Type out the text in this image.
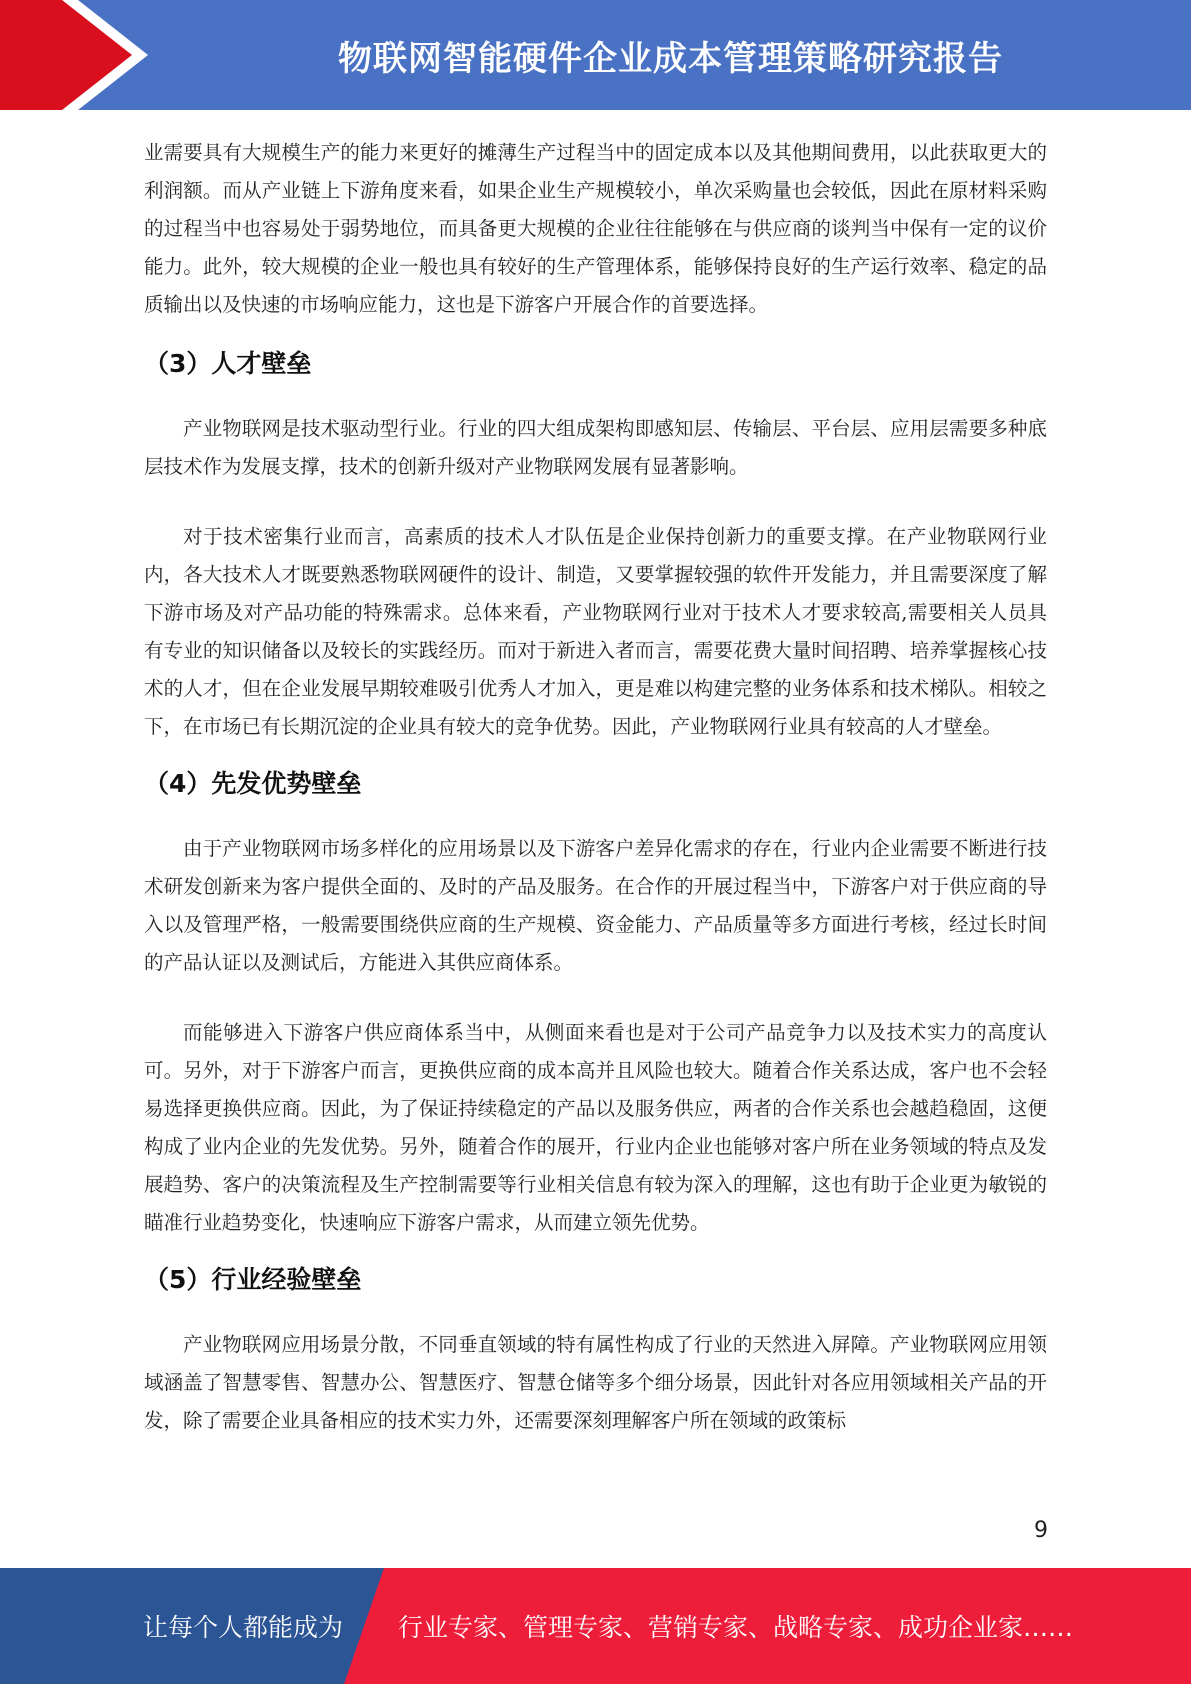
物联网智能硬件企业成本管理策略研究报告

业需要具有大规模生产的能力来更好的摊薄生产过程当中的固定成本以及其他期间费用，以此获取更大的利润额。而从产业链上下游角度来看，如果企业生产规模较小，单次采购量也会较低，因此在原材料采购的过程当中也容易处于弱势地位，而具备更大规模的企业往往能够在与供应商的谈判当中保有一定的议价能力。此外，较大规模的企业一般也具有较好的生产管理体系，能够保持良好的生产运行效率、稳定的品质输出以及快速的市场响应能力，这也是下游客户开展合作的首要选择。

（3）人才壁垒

产业物联网是技术驱动型行业。行业的四大组成架构即感知层、传输层、平台层、应用层需要多种底层技术作为发展支撑，技术的创新升级对产业物联网发展有显著影响。

对于技术密集行业而言，高素质的技术人才队伍是企业保持创新力的重要支撑。在产业物联网行业内，各大技术人才既要熟悉物联网硬件的设计、制造，又要掌握较强的软件开发能力，并且需要深度了解下游市场及对产品功能的特殊需求。总体来看，产业物联网行业对于技术人才要求较高,需要相关人员具有专业的知识储备以及较长的实践经历。而对于新进入者而言，需要花费大量时间招聘、培养掌握核心技术的人才，但在企业发展早期较难吸引优秀人才加入，更是难以构建完整的业务体系和技术梯队。相较之下，在市场已有长期沉淀的企业具有较大的竞争优势。因此，产业物联网行业具有较高的人才壁垒。

（4）先发优势壁垒

由于产业物联网市场多样化的应用场景以及下游客户差异化需求的存在，行业内企业需要不断进行技术研发创新来为客户提供全面的、及时的产品及服务。在合作的开展过程当中，下游客户对于供应商的导入以及管理严格，一般需要围绕供应商的生产规模、资金能力、产品质量等多方面进行考核，经过长时间的产品认证以及测试后，方能进入其供应商体系。

而能够进入下游客户供应商体系当中，从侧面来看也是对于公司产品竞争力以及技术实力的高度认可。另外，对于下游客户而言，更换供应商的成本高并且风险也较大。随着合作关系达成，客户也不会轻易选择更换供应商。因此，为了保证持续稳定的产品以及服务供应，两者的合作关系也会越趋稳固，这便构成了业内企业的先发优势。另外，随着合作的展开，行业内企业也能够对客户所在业务领域的特点及发展趋势、客户的决策流程及生产控制需要等行业相关信息有较为深入的理解，这也有助于企业更为敏锐的瞄准行业趋势变化，快速响应下游客户需求，从而建立领先优势。

（5）行业经验壁垒

产业物联网应用场景分散，不同垂直领域的特有属性构成了行业的天然进入屏障。产业物联网应用领域涵盖了智慧零售、智慧办公、智慧医疗、智慧仓储等多个细分场景，因此针对各应用领域相关产品的开发，除了需要企业具备相应的技术实力外，还需要深刻理解客户所在领域的政策标

9
让每个人都能成为 行业专家、管理专家、营销专家、战略专家、成功企业家……
